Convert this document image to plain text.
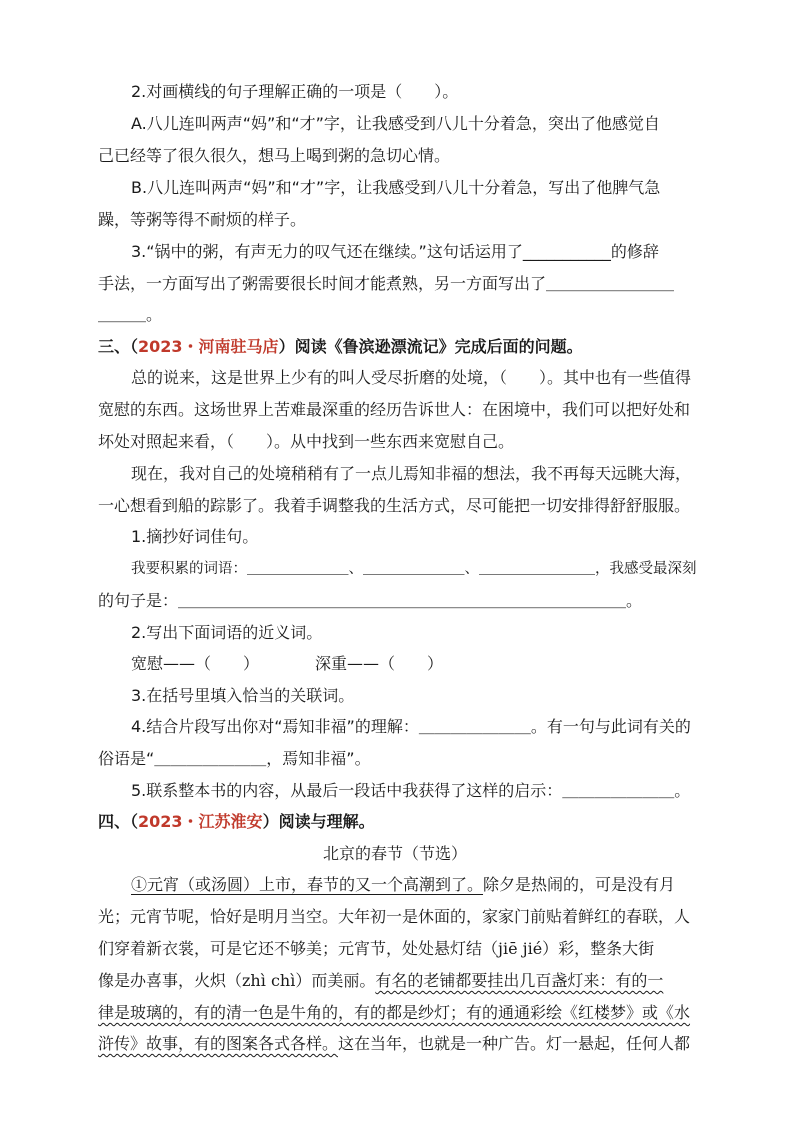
2.对画横线的句子理解正确的一项是（　　）。
A.八儿连叫两声“妈”和“才”字，让我感受到八儿十分着急，突出了他感觉自
己已经等了很久很久，想马上喝到粥的急切心情。
B.八儿连叫两声“妈”和“才”字，让我感受到八儿十分着急，写出了他脾气急
躁，等粥等得不耐烦的样子。
3.“锅中的粥，有声无力的叹气还在继续。”这句话运用了___________的修辞
手法，一方面写出了粥需要很长时间才能煮熟，另一方面写出了＿＿＿＿＿＿＿＿
＿＿＿。
三、（2023・河南驻马店）阅读《鲁滨逊漂流记》完成后面的问题。
总的说来，这是世界上少有的叫人受尽折磨的处境，（　　）。其中也有一些值得
宽慰的东西。这场世界上苦难最深重的经历告诉世人：在困境中，我们可以把好处和
坏处对照起来看，（　　）。从中找到一些东西来宽慰自己。
现在，我对自己的处境稍稍有了一点儿焉知非福的想法，我不再每天远眺大海，
一心想看到船的踪影了。我着手调整我的生活方式，尽可能把一切安排得舒舒服服。
1.摘抄好词佳句。
我要积累的词语：＿＿＿＿＿＿＿、＿＿＿＿＿＿＿、＿＿＿＿＿＿＿＿，我感受最深刻
的句子是：＿＿＿＿＿＿＿＿＿＿＿＿＿＿＿＿＿＿＿＿＿＿＿＿＿＿＿＿。
2.写出下面词语的近义词。
宽慰——（　　）　　　　深重——（　　）
3.在括号里填入恰当的关联词。
4.结合片段写出你对“焉知非福”的理解：＿＿＿＿＿＿＿。有一句与此词有关的
俗语是“＿＿＿＿＿＿＿，焉知非福”。
5.联系整本书的内容，从最后一段话中我获得了这样的启示：＿＿＿＿＿＿＿。
四、（2023・江苏淮安）阅读与理解。
北京的春节（节选）
①元宵（或汤圆）上市，春节的又一个高潮到了。除夕是热闹的，可是没有月
光；元宵节呢，恰好是明月当空。大年初一是休面的，家家门前贴着鲜红的春联，人
们穿着新衣裳，可是它还不够美；元宵节，处处悬灯结（jiē jié）彩，整条大街
像是办喜事，火炽（zhì chì）而美丽。有名的老铺都要挂出几百盏灯来：有的一
律是玻璃的，有的清一色是牛角的，有的都是纱灯；有的通通彩绘《红楼梦》或《水
浒传》故事，有的图案各式各样。这在当年，也就是一种广告。灯一悬起，任何人都
